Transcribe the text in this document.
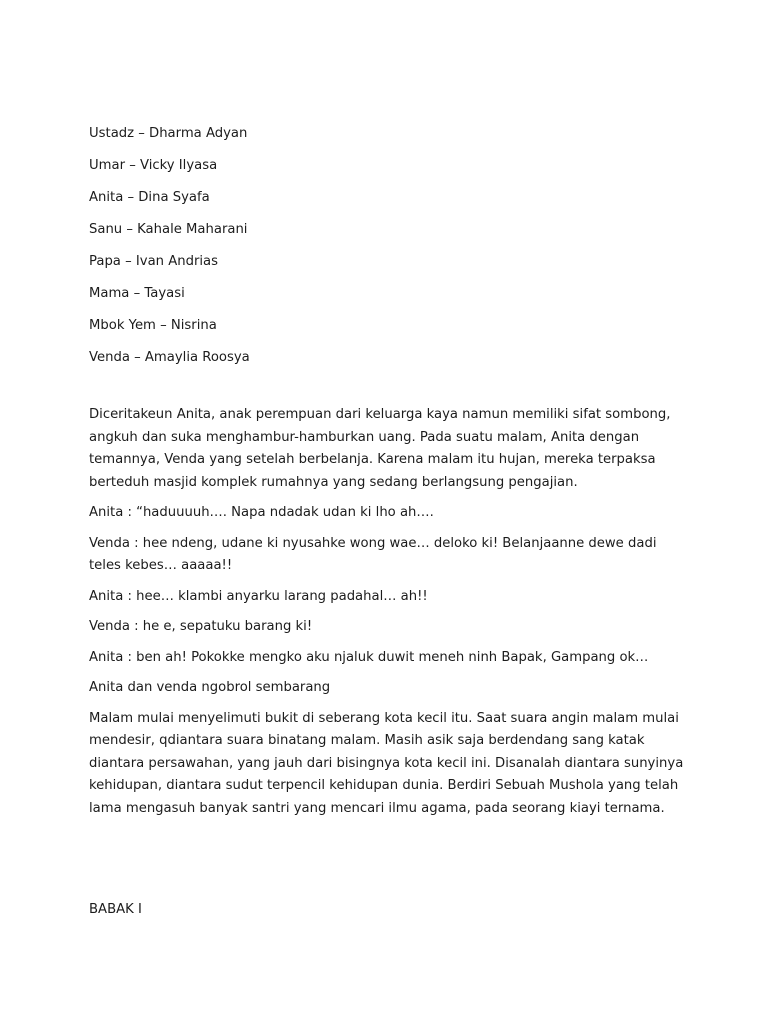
Ustadz – Dharma Adyan
Umar – Vicky Ilyasa
Anita – Dina Syafa
Sanu – Kahale Maharani
Papa – Ivan Andrias
Mama – Tayasi
Mbok Yem – Nisrina
Venda – Amaylia Roosya

Diceritakeun Anita, anak perempuan dari keluarga kaya namun memiliki sifat sombong, angkuh dan suka menghambur-hamburkan uang. Pada suatu malam, Anita dengan temannya, Venda yang setelah berbelanja. Karena malam itu hujan, mereka terpaksa berteduh masjid komplek rumahnya yang sedang berlangsung pengajian.

Anita : “haduuuuh…. Napa ndadak udan ki lho ah….

Venda : hee ndeng, udane ki nyusahke wong wae… deloko ki! Belanjaanne dewe dadi teles kebes… aaaaa!!

Anita : hee… klambi anyarku larang padahal… ah!!

Venda : he e, sepatuku barang ki!

Anita : ben ah! Pokokke mengko aku njaluk duwit meneh ninh Bapak, Gampang ok…

Anita dan venda ngobrol sembarang

Malam mulai menyelimuti bukit di seberang kota kecil itu. Saat suara angin malam mulai mendesir, qdiantara suara binatang malam. Masih asik saja berdendang sang katak diantara persawahan, yang jauh dari bisingnya kota kecil ini. Disanalah diantara sunyinya kehidupan, diantara sudut terpencil kehidupan dunia. Berdiri Sebuah Mushola yang telah lama mengasuh banyak santri yang mencari ilmu agama, pada seorang kiayi ternama.

BABAK I
